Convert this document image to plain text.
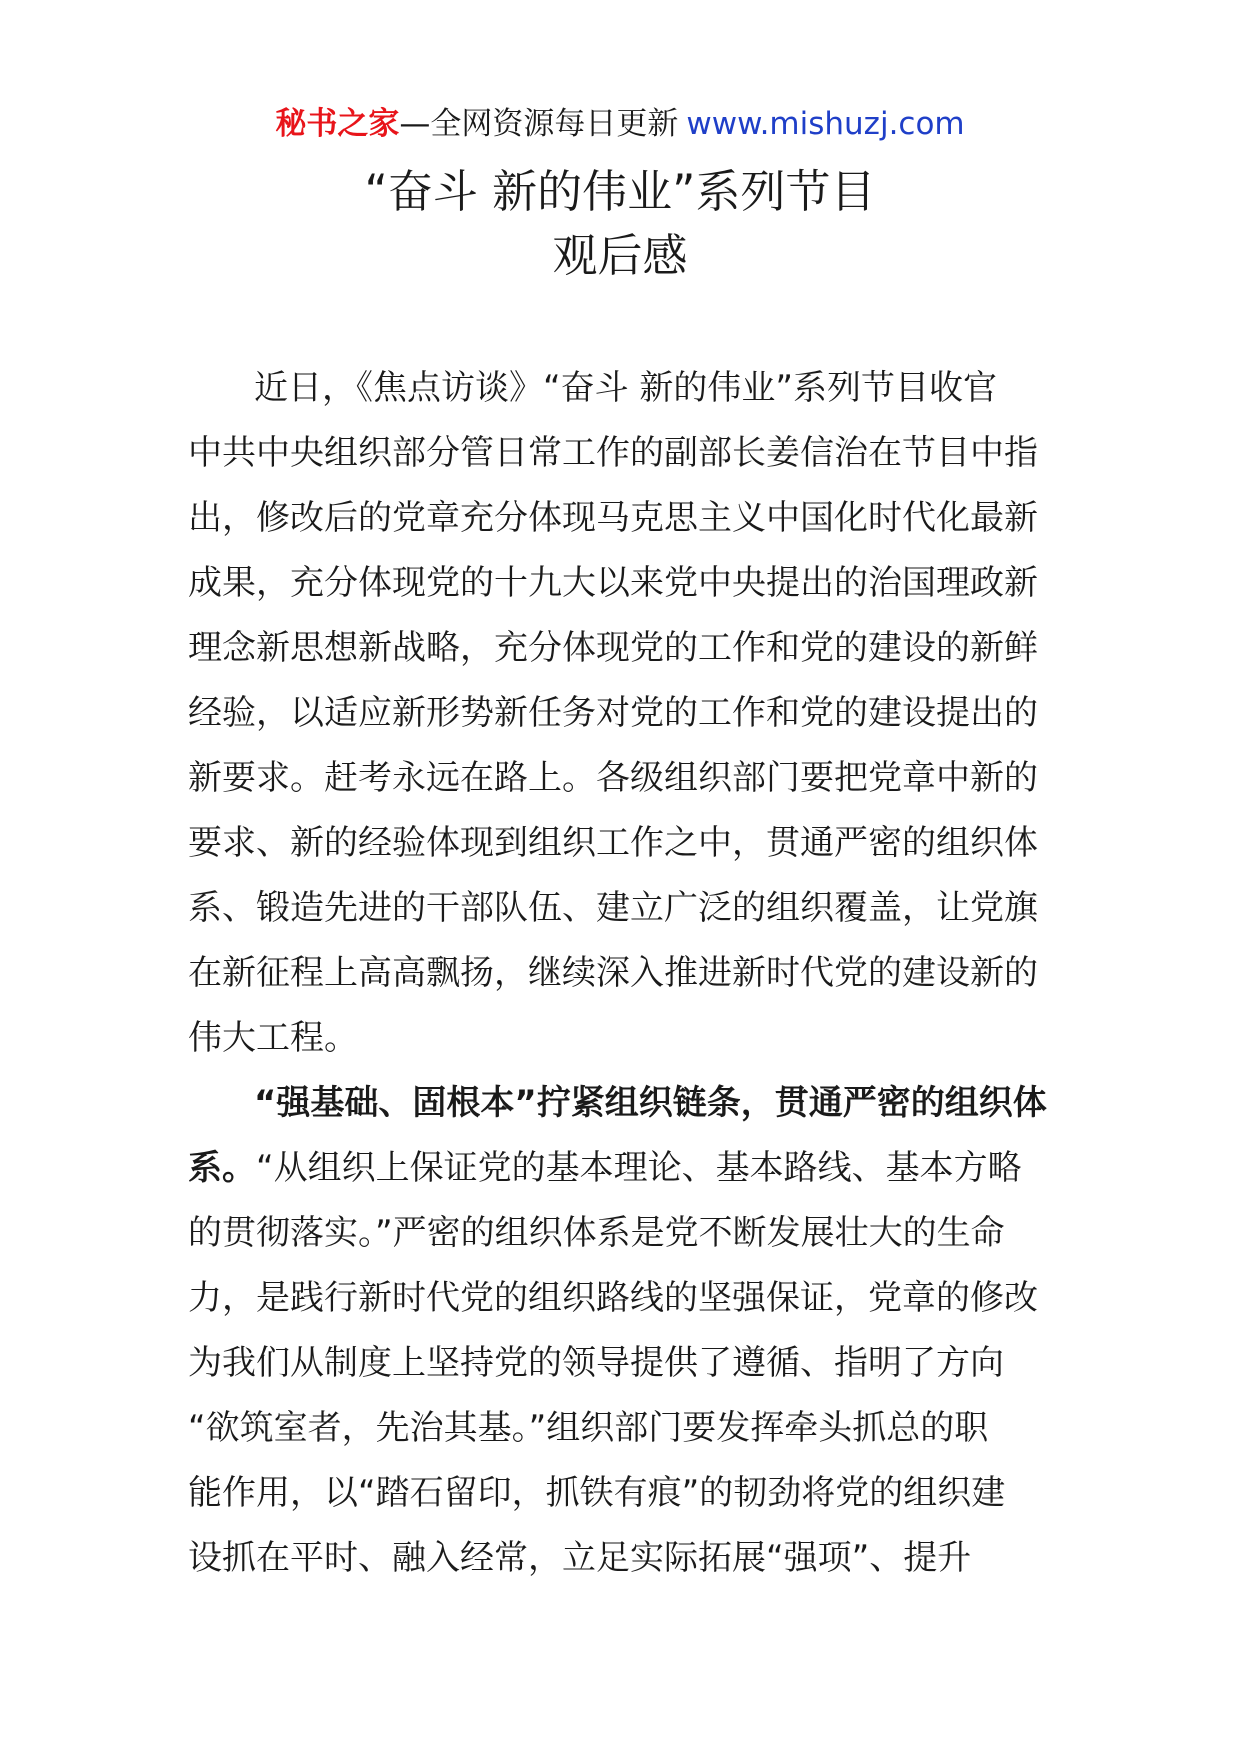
秘书之家—全网资源每日更新 www.mishuzj.com
“奋斗 新的伟业”系列节目
观后感
近日，《焦点访谈》“奋斗 新的伟业”系列节目收官
中共中央组织部分管日常工作的副部长姜信治在节目中指
出，修改后的党章充分体现马克思主义中国化时代化最新
成果，充分体现党的十九大以来党中央提出的治国理政新
理念新思想新战略，充分体现党的工作和党的建设的新鲜
经验，以适应新形势新任务对党的工作和党的建设提出的
新要求。赶考永远在路上。各级组织部门要把党章中新的
要求、新的经验体现到组织工作之中，贯通严密的组织体
系、锻造先进的干部队伍、建立广泛的组织覆盖，让党旗
在新征程上高高飘扬，继续深入推进新时代党的建设新的
伟大工程。
“强基础、固根本”拧紧组织链条，贯通严密的组织体
系。“从组织上保证党的基本理论、基本路线、基本方略
的贯彻落实。”严密的组织体系是党不断发展壮大的生命
力，是践行新时代党的组织路线的坚强保证，党章的修改
为我们从制度上坚持党的领导提供了遵循、指明了方向
“欲筑室者，先治其基。”组织部门要发挥牵头抓总的职
能作用，以“踏石留印，抓铁有痕”的韧劲将党的组织建
设抓在平时、融入经常，立足实际拓展“强项”、提升
